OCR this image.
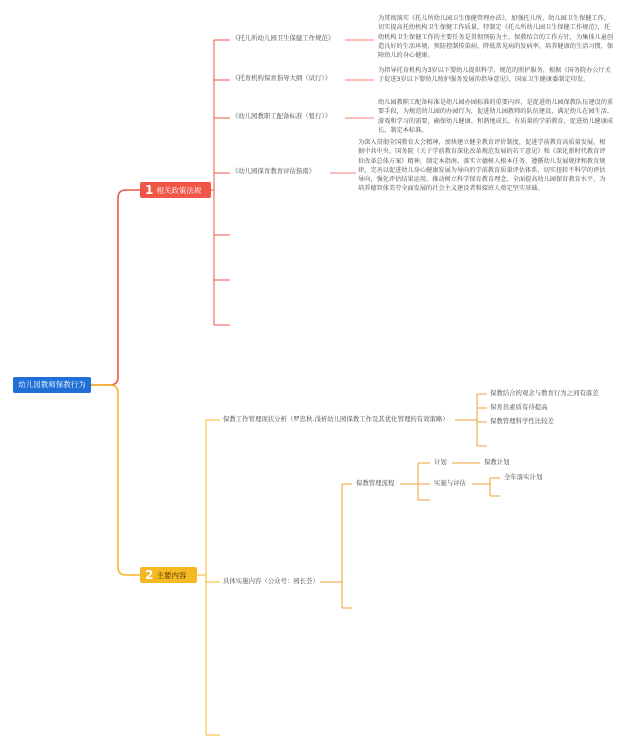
幼儿园教师保教行为
1 相关政策法规
《托儿所幼儿园卫生保健工作规范》
为贯彻落实《托儿所幼儿园卫生保健管理办法》，加强托儿所、幼儿园卫生保健工作，切实提高托幼机构卫生保健工作质量，特制定《托儿所幼儿园卫生保健工作规范》，托幼机构卫生保健工作的主要任务是贯彻预防为主、保教结合的工作方针，为集体儿童创造良好的生活环境，预防控制传染病，降低常见病的发病率，培养健康的生活习惯，保障幼儿的身心健康。
《托育机构保育指导大纲（试行）》
为指导托育机构为3岁以下婴幼儿提供科学、规范的照护服务，根据《国务院办公厅关于促进3岁以下婴幼儿照护服务发展的指导意见》，国家卫生健康委制定印发。
《幼儿园教职工配备标准（暂行）》
幼儿园教职工配备标准是幼儿园办园标准的重要内容，是促进幼儿园保教队伍建设的重要手段，为规范幼儿园的办园行为，促进幼儿园教师的队伍建设，满足幼儿在园生活、游戏和学习的需要，确保幼儿健康、和谐地成长，有质量的学前教育，促进幼儿健康成长，制定本标准。
《幼儿园保育教育评估指南》
为深入贯彻全国教育大会精神，加快建立健全教育评价制度，促进学前教育高质量发展，根据中共中央、国务院《关于学前教育深化改革规范发展的若干意见》和《深化新时代教育评价改革总体方案》精神，制定本指南。落实立德树人根本任务，遵循幼儿发展规律和教育规律，完善以促进幼儿身心健康发展为导向的学前教育质量评估体系，切实扭转不科学的评估导向，强化评估结果运用，推动树立科学保育教育理念，全面提高幼儿园保育教育水平，为培养德智体美劳全面发展的社会主义建设者和接班人奠定坚实基础。
2 主要内容
保教工作管理现状分析（罗忠秋.浅析幼儿园保教工作及其优化管理的有效策略）
保教结合的观念与教育行为之间有落差
保育员素质有待提高
保教管理科学性比较差
具体实施内容（公众号：园长荟）
保教管理流程
计划	保教计划
实施与评估
全年落实计划
